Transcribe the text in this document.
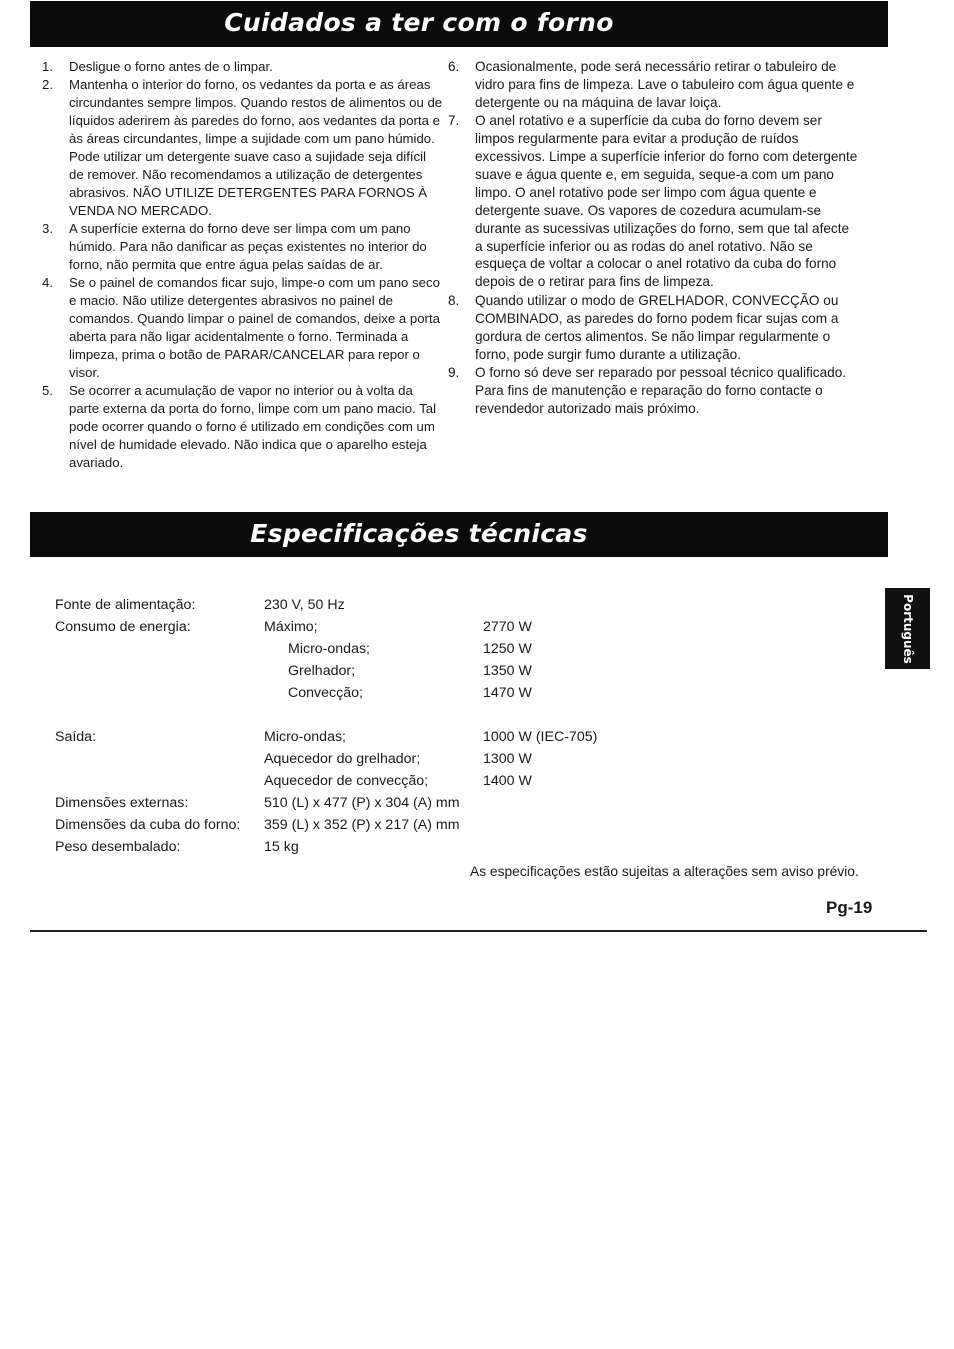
Cuidados a ter com o forno
1.	Desligue o forno antes de o limpar.
2.	Mantenha o interior do forno, os vedantes da porta e as áreas circundantes sempre limpos. Quando restos de alimentos ou de líquidos aderirem às paredes do forno, aos vedantes da porta e às áreas circundantes, limpe a sujidade com um pano húmido. Pode utilizar um detergente suave caso a sujidade seja difícil de remover. Não recomendamos a utilização de detergentes abrasivos. NÃO UTILIZE DETERGENTES PARA FORNOS À VENDA NO MERCADO.
3.	A superfície externa do forno deve ser limpa com um pano húmido. Para não danificar as peças existentes no interior do forno, não permita que entre água pelas saídas de ar.
4.	Se o painel de comandos ficar sujo, limpe-o com um pano seco e macio. Não utilize detergentes abrasivos no painel de comandos. Quando limpar o painel de comandos, deixe a porta aberta para não ligar acidentalmente o forno. Terminada a limpeza, prima o botão de PARAR/CANCELAR para repor o visor.
5.	Se ocorrer a acumulação de vapor no interior ou à volta da parte externa da porta do forno, limpe com um pano macio. Tal pode ocorrer quando o forno é utilizado em condições com um nível de humidade elevado. Não indica que o aparelho esteja avariado.
6.	Ocasionalmente, pode será necessário retirar o tabuleiro de vidro para fins de limpeza. Lave o tabuleiro com água quente e detergente ou na máquina de lavar loiça.
7.	O anel rotativo e a superfície da cuba do forno devem ser limpos regularmente para evitar a produção de ruídos excessivos. Limpe a superfície inferior do forno com detergente suave e água quente e, em seguida, seque-a com um pano limpo. O anel rotativo pode ser limpo com água quente e detergente suave. Os vapores de cozedura acumulam-se durante as sucessivas utilizações do forno, sem que tal afecte a superfície inferior ou as rodas do anel rotativo. Não se esqueça de voltar a colocar o anel rotativo da cuba do forno depois de o retirar para fins de limpeza.
8.	Quando utilizar o modo de GRELHADOR, CONVECÇÃO ou COMBINADO, as paredes do forno podem ficar sujas com a gordura de certos alimentos. Se não limpar regularmente o forno, pode surgir fumo durante a utilização.
9.	O forno só deve ser reparado por pessoal técnico qualificado. Para fins de manutenção e reparação do forno contacte o revendedor autorizado mais próximo.
Especificações técnicas
Português
Fonte de alimentação:	230 V, 50 Hz
Consumo de energia:	Máximo;	2770 W
Micro-ondas;	1250 W
Grelhador;	1350 W
Convecção;	1470 W
Saída:	Micro-ondas;	1000 W (IEC-705)
Aquecedor do grelhador;	1300 W
Aquecedor de convecção;	1400 W
Dimensões externas:	510 (L) x 477 (P) x 304 (A) mm
Dimensões da cuba do forno: 359 (L) x 352 (P) x 217 (A) mm
Peso desembalado:	15 kg
As especificações estão sujeitas a alterações sem aviso prévio.
Pg-19
